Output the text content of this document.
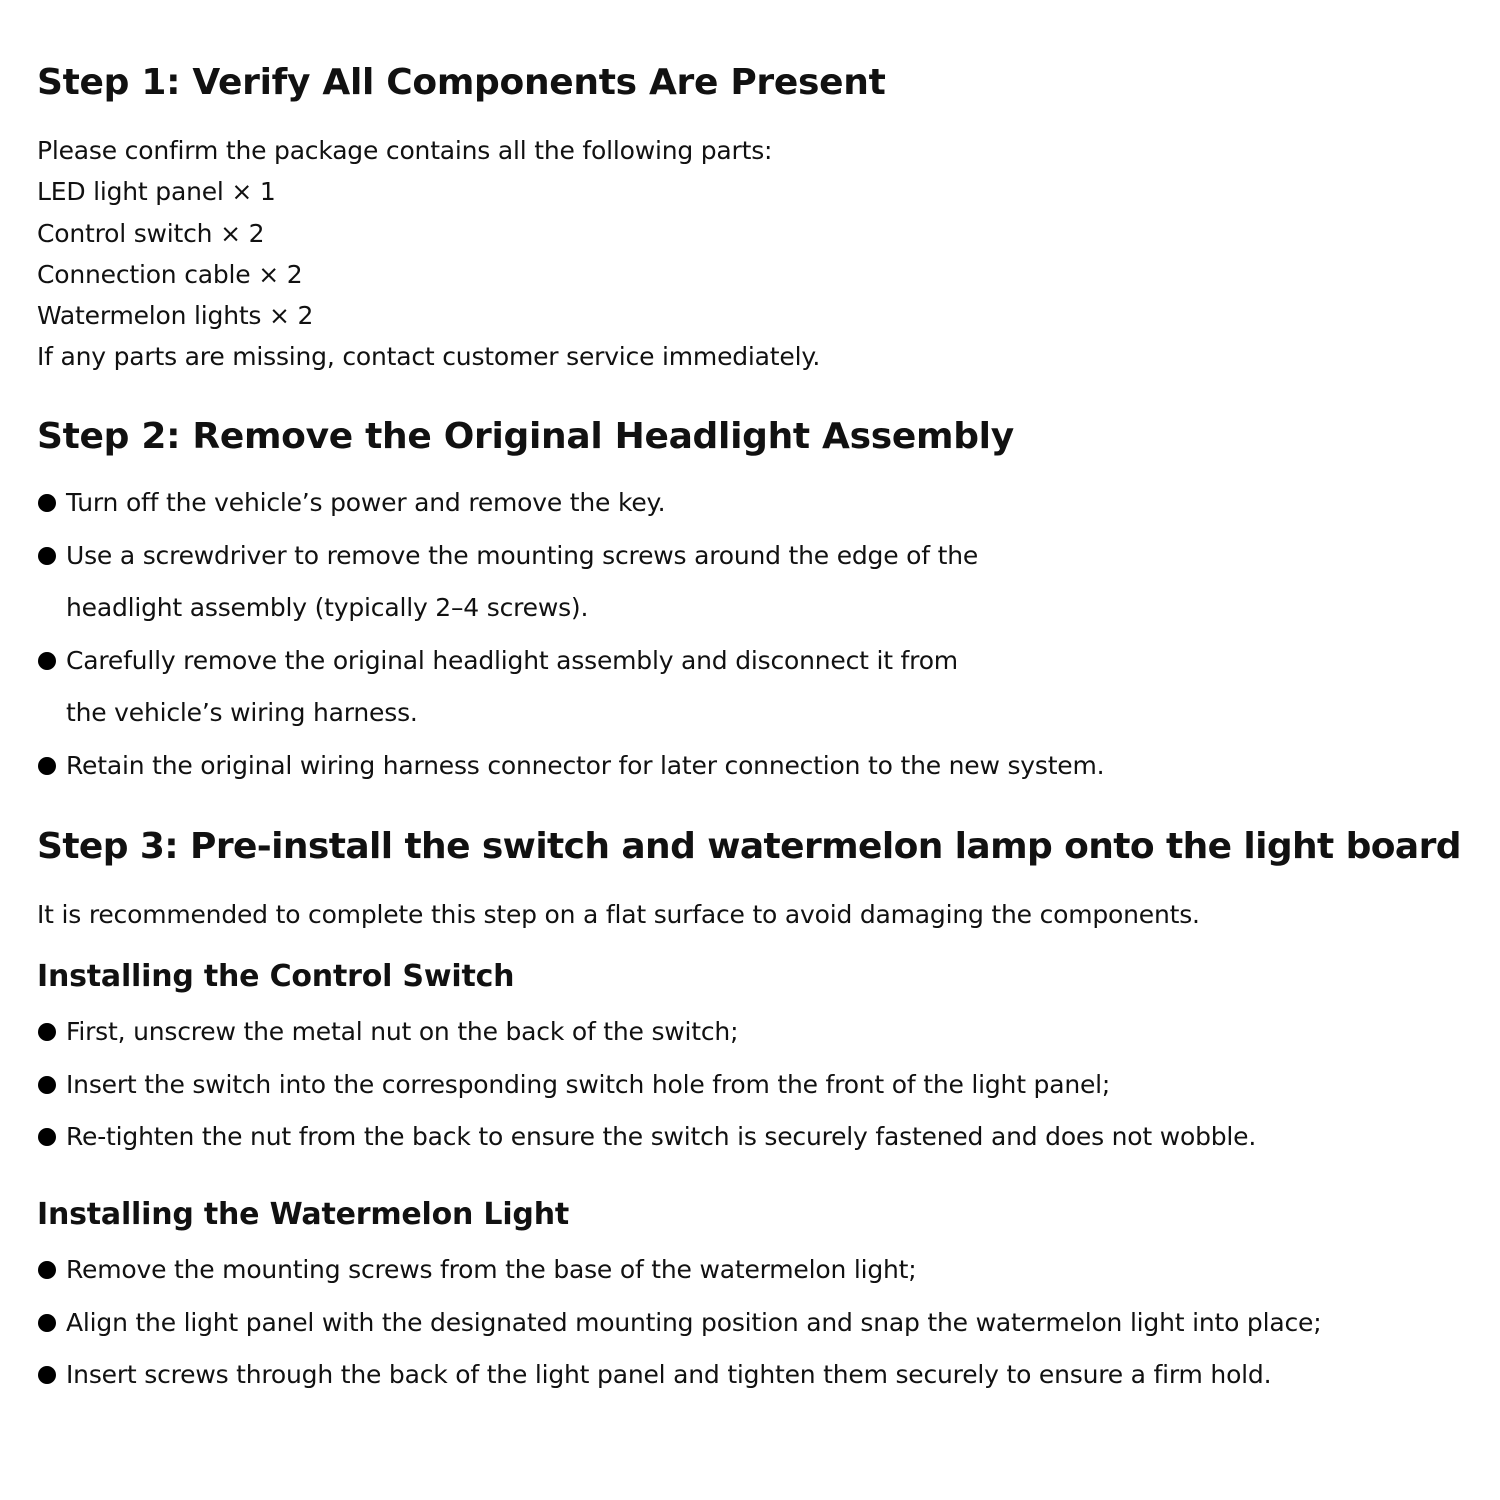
Step 1: Verify All Components Are Present
Please confirm the package contains all the following parts:
LED light panel × 1
Control switch × 2
Connection cable × 2
Watermelon lights × 2
If any parts are missing, contact customer service immediately.
Step 2: Remove the Original Headlight Assembly
Turn off the vehicle’s power and remove the key.
Use a screwdriver to remove the mounting screws around the edge of the
headlight assembly (typically 2–4 screws).
Carefully remove the original headlight assembly and disconnect it from
the vehicle’s wiring harness.
Retain the original wiring harness connector for later connection to the new system.
Step 3: Pre-install the switch and watermelon lamp onto the light board
It is recommended to complete this step on a flat surface to avoid damaging the components.
Installing the Control Switch
First, unscrew the metal nut on the back of the switch;
Insert the switch into the corresponding switch hole from the front of the light panel;
Re-tighten the nut from the back to ensure the switch is securely fastened and does not wobble.
Installing the Watermelon Light
Remove the mounting screws from the base of the watermelon light;
Align the light panel with the designated mounting position and snap the watermelon light into place;
Insert screws through the back of the light panel and tighten them securely to ensure a firm hold.
